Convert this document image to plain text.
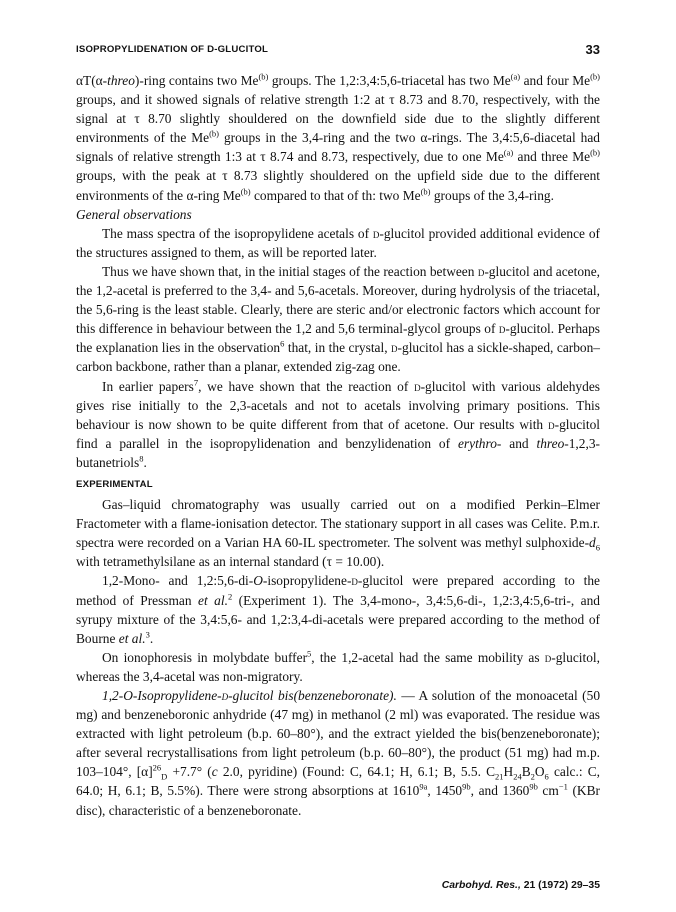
ISOPROPYLIDENATION OF D-GLUCITOL	33

αT(α-threo)-ring contains two Me$^{(b)}$ groups. The 1,2:3,4:5,6-triacetal has two Me$^{(a)}$ and four Me$^{(b)}$ groups, and it showed signals of relative strength 1:2 at τ 8.73 and 8.70, respectively, with the signal at τ 8.70 slightly shouldered on the downfield side due to the slightly different environments of the Me$^{(b)}$ groups in the 3,4-ring and the two α-rings. The 3,4:5,6-diacetal had signals of relative strength 1:3 at τ 8.74 and 8.73, respectively, due to one Me$^{(a)}$ and three Me$^{(b)}$ groups, with the peak at τ 8.73 slightly shouldered on the upfield side due to the different environments of the α-ring Me$^{(b)}$ compared to that of th: two Me$^{(b)}$ groups of the 3,4-ring.

General observations

The mass spectra of the isopropylidene acetals of d-glucitol provided additional evidence of the structures assigned to them, as will be reported later.

Thus we have shown that, in the initial stages of the reaction between d-glucitol and acetone, the 1,2-acetal is preferred to the 3,4- and 5,6-acetals. Moreover, during hydrolysis of the triacetal, the 5,6-ring is the least stable. Clearly, there are steric and/or electronic factors which account for this difference in behaviour between the 1,2 and 5,6 terminal-glycol groups of d-glucitol. Perhaps the explanation lies in the observation$^6$ that, in the crystal, d-glucitol has a sickle-shaped, carbon–carbon backbone, rather than a planar, extended zig-zag one.

In earlier papers$^7$, we have shown that the reaction of d-glucitol with various aldehydes gives rise initially to the 2,3-acetals and not to acetals involving primary positions. This behaviour is now shown to be quite different from that of acetone. Our results with d-glucitol find a parallel in the isopropylidenation and benzylidenation of erythro- and threo-1,2,3-butanetriols$^8$.

EXPERIMENTAL

Gas–liquid chromatography was usually carried out on a modified Perkin–Elmer Fractometer with a flame-ionisation detector. The stationary support in all cases was Celite. P.m.r. spectra were recorded on a Varian HA 60-IL spectrometer. The solvent was methyl sulphoxide-$d_6$ with tetramethylsilane as an internal standard (τ = 10.00).

1,2-Mono- and 1,2:5,6-di-O-isopropylidene-d-glucitol were prepared according to the method of Pressman et al.$^2$ (Experiment 1). The 3,4-mono-, 3,4:5,6-di-, 1,2:3,4:5,6-tri-, and syrupy mixture of the 3,4:5,6- and 1,2:3,4-di-acetals were prepared according to the method of Bourne et al.$^3$.

On ionophoresis in molybdate buffer$^5$, the 1,2-acetal had the same mobility as d-glucitol, whereas the 3,4-acetal was non-migratory.

1,2-O-Isopropylidene-d-glucitol bis(benzeneboronate). — A solution of the monoacetal (50 mg) and benzeneboronic anhydride (47 mg) in methanol (2 ml) was evaporated. The residue was extracted with light petroleum (b.p. 60–80°), and the extract yielded the bis(benzeneboronate); after several recrystallisations from light petroleum (b.p. 60–80°), the product (51 mg) had m.p. 103–104°, $[\alpha]^{26}_D +7.7^\circ$ (c 2.0, pyridine) (Found: C, 64.1; H, 6.1; B, 5.5. $C_{21}H_{24}B_2O_6$ calc.: C, 64.0; H, 6.1; B, 5.5%). There were strong absorptions at $1610^{9a}$, $1450^{9b}$, and $1360^{9b}$ $cm^{-1}$ (KBr disc), characteristic of a benzeneboronate.

Carbohyd. Res., 21 (1972) 29–35
